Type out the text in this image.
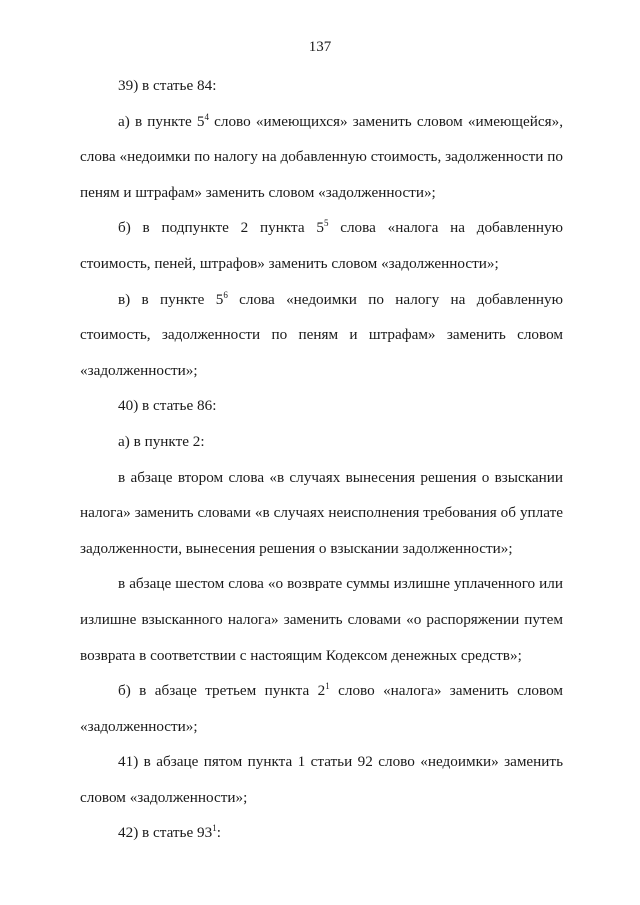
137

39) в статье 84:

а) в пункте $5^4$ слово «имеющихся» заменить словом «имеющейся», слова «недоимки по налогу на добавленную стоимость, задолженности по пеням и штрафам» заменить словом «задолженности»;

б) в подпункте 2 пункта $5^5$ слова «налога на добавленную стоимость, пеней, штрафов» заменить словом «задолженности»;

в) в пункте $5^6$ слова «недоимки по налогу на добавленную стоимость, задолженности по пеням и штрафам» заменить словом «задолженности»;

40) в статье 86:

а) в пункте 2:

в абзаце втором слова «в случаях вынесения решения о взыскании налога» заменить словами «в случаях неисполнения требования об уплате задолженности, вынесения решения о взыскании задолженности»;

в абзаце шестом слова «о возврате суммы излишне уплаченного или излишне взысканного налога» заменить словами «о распоряжении путем возврата в соответствии с настоящим Кодексом денежных средств»;

б) в абзаце третьем пункта $2^1$ слово «налога» заменить словом «задолженности»;

41) в абзаце пятом пункта 1 статьи 92 слово «недоимки» заменить словом «задолженности»;

42) в статье $93^1$:
